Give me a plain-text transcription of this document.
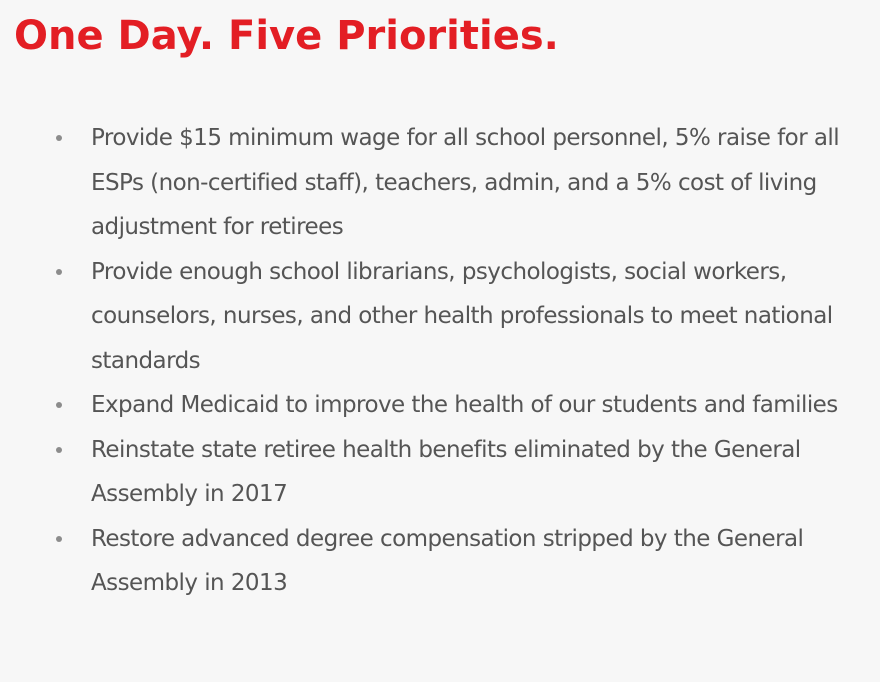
One Day. Five Priorities.
Provide $15 minimum wage for all school personnel, 5% raise for all ESPs (non-certified staff), teachers, admin, and a 5% cost of living adjustment for retirees
Provide enough school librarians, psychologists, social workers, counselors, nurses, and other health professionals to meet national standards
Expand Medicaid to improve the health of our students and families
Reinstate state retiree health benefits eliminated by the General Assembly in 2017
Restore advanced degree compensation stripped by the General Assembly in 2013
